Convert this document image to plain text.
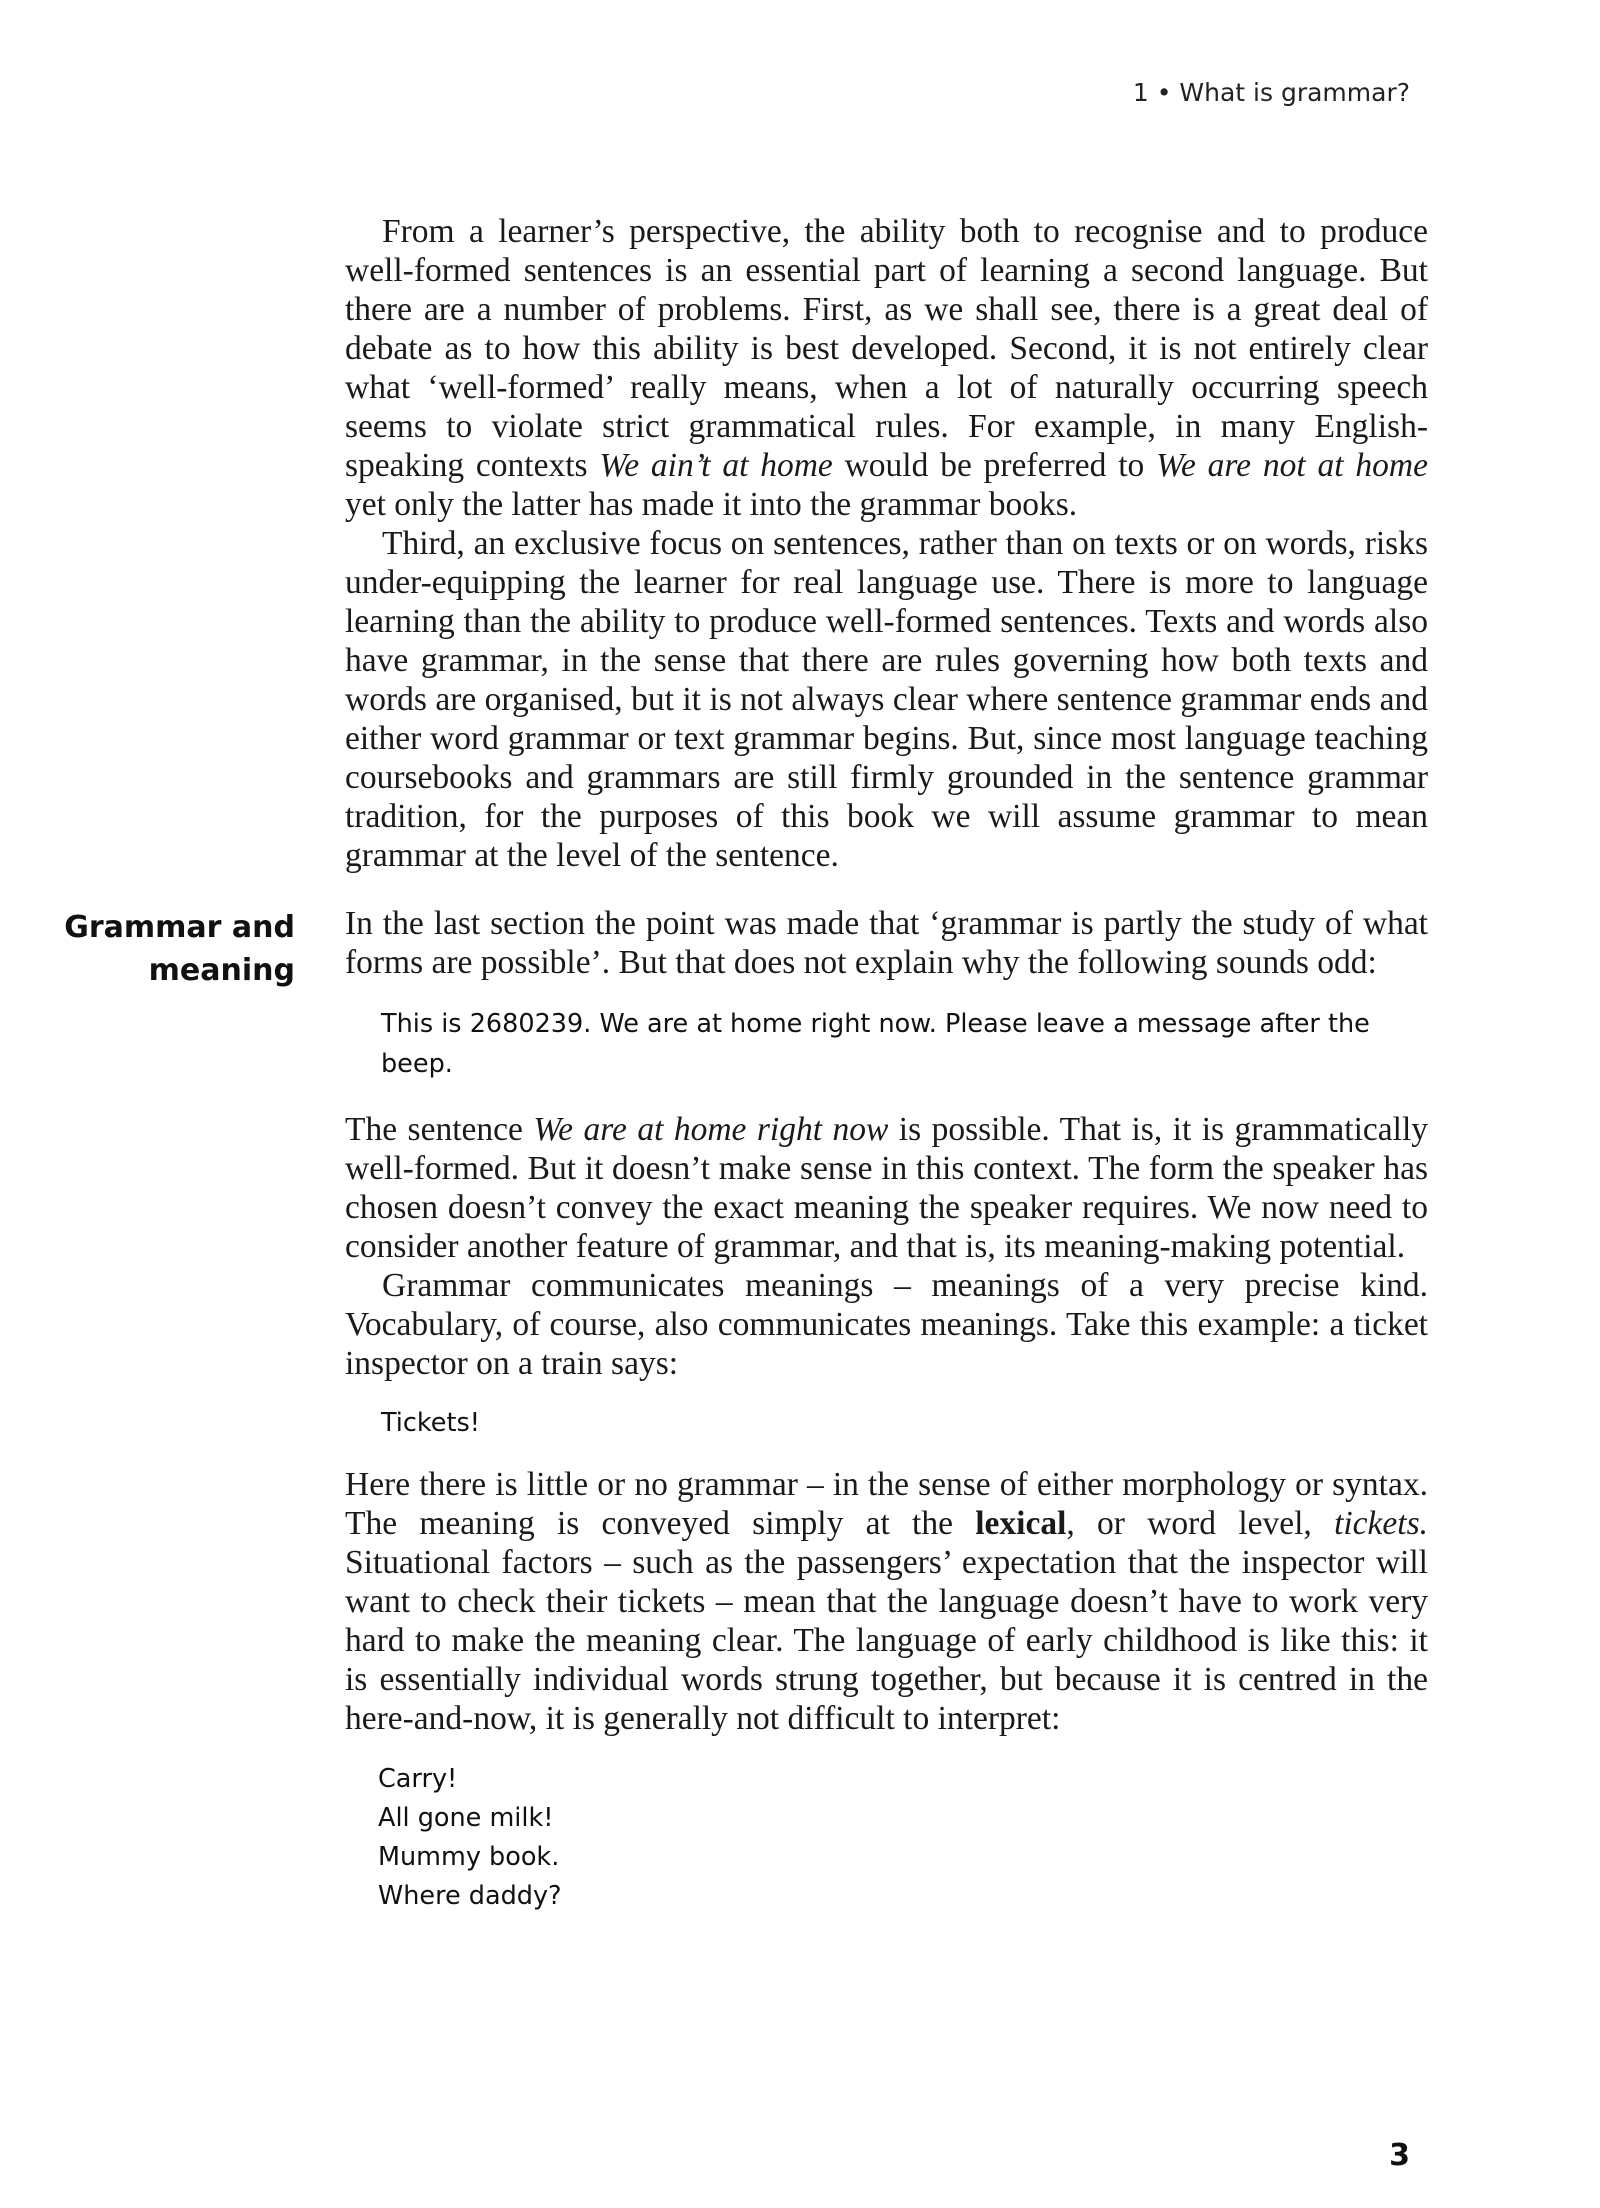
1 • What is grammar?
Grammar and
meaning

From a learner’s perspective, the ability both to recognise and to produce well-formed sentences is an essential part of learning a second language. But there are a number of problems. First, as we shall see, there is a great deal of debate as to how this ability is best developed. Second, it is not entirely clear what ‘well-formed’ really means, when a lot of naturally occurring speech seems to violate strict grammatical rules. For example, in many English-speaking contexts We ain’t at home would be preferred to We are not at home yet only the latter has made it into the grammar books.

Third, an exclusive focus on sentences, rather than on texts or on words, risks under-equipping the learner for real language use. There is more to language learning than the ability to produce well-formed sentences. Texts and words also have grammar, in the sense that there are rules governing how both texts and words are organised, but it is not always clear where sentence grammar ends and either word grammar or text grammar begins. But, since most language teaching coursebooks and grammars are still firmly grounded in the sentence grammar tradition, for the purposes of this book we will assume grammar to mean grammar at the level of the sentence.

In the last section the point was made that ‘grammar is partly the study of what forms are possible’. But that does not explain why the following sounds odd:

This is 2680239. We are at home right now. Please leave a message after the beep.

The sentence We are at home right now is possible. That is, it is grammatically well-formed. But it doesn’t make sense in this context. The form the speaker has chosen doesn’t convey the exact meaning the speaker requires. We now need to consider another feature of grammar, and that is, its meaning-making potential.

Grammar communicates meanings – meanings of a very precise kind. Vocabulary, of course, also communicates meanings. Take this example: a ticket inspector on a train says:

Tickets!

Here there is little or no grammar – in the sense of either morphology or syntax. The meaning is conveyed simply at the lexical, or word level, tickets. Situational factors – such as the passengers’ expectation that the inspector will want to check their tickets – mean that the language doesn’t have to work very hard to make the meaning clear. The language of early childhood is like this: it is essentially individual words strung together, but because it is centred in the here-and-now, it is generally not difficult to interpret:

Carry!
All gone milk!
Mummy book.
Where daddy?
3
